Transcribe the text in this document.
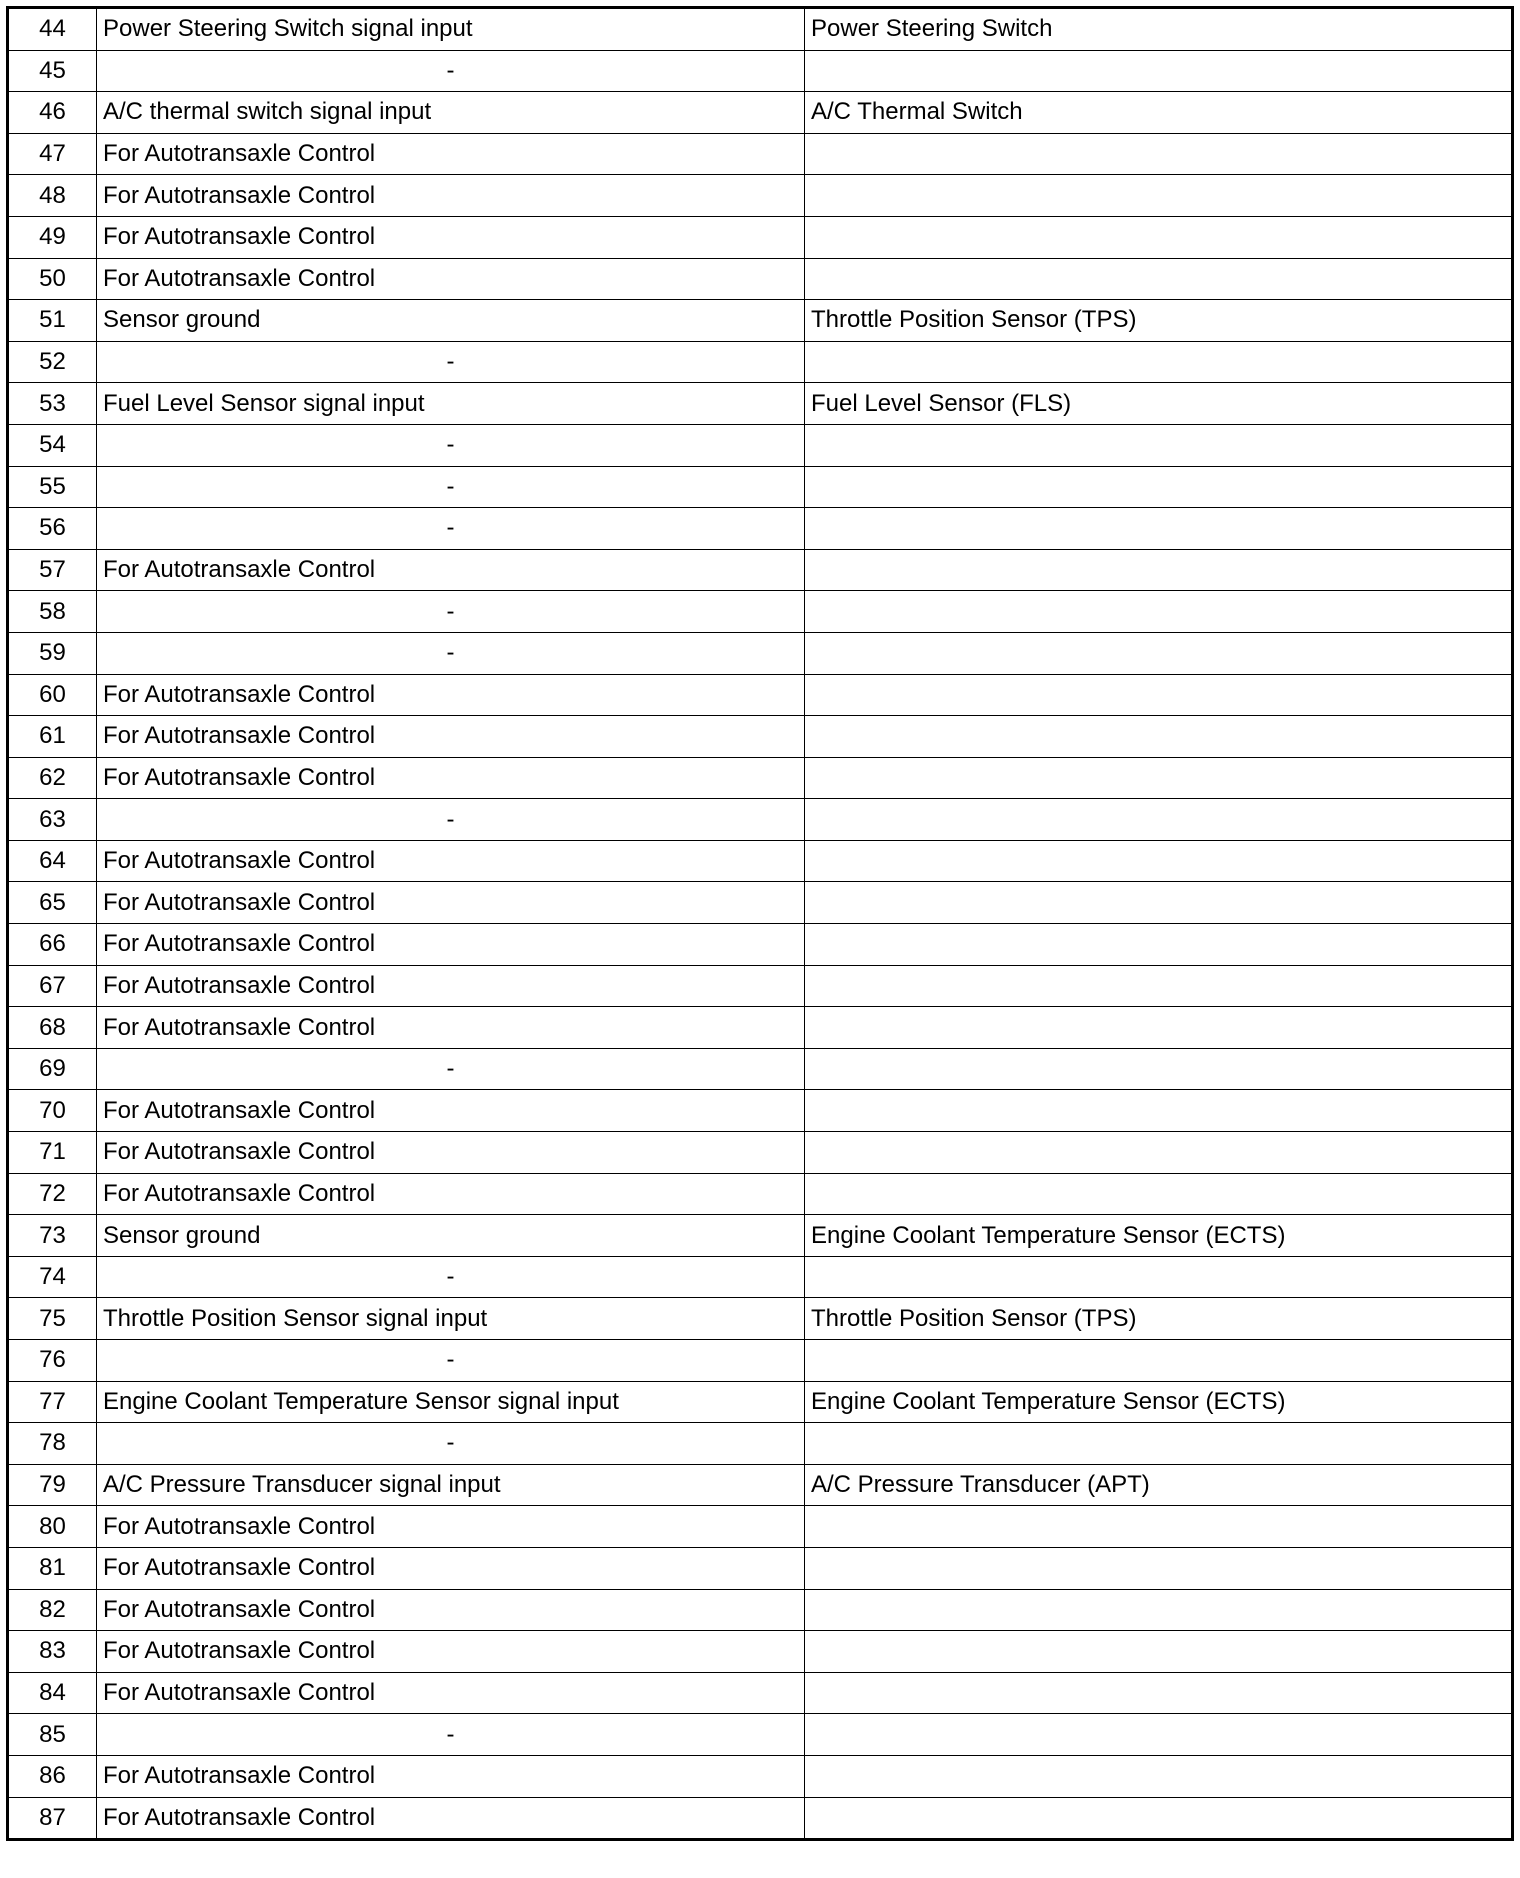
44	Power Steering Switch signal input	Power Steering Switch
45	-	
46	A/C thermal switch signal input	A/C Thermal Switch
47	For Autotransaxle Control	
48	For Autotransaxle Control	
49	For Autotransaxle Control	
50	For Autotransaxle Control	
51	Sensor ground	Throttle Position Sensor (TPS)
52	-	
53	Fuel Level Sensor signal input	Fuel Level Sensor (FLS)
54	-	
55	-	
56	-	
57	For Autotransaxle Control	
58	-	
59	-	
60	For Autotransaxle Control	
61	For Autotransaxle Control	
62	For Autotransaxle Control	
63	-	
64	For Autotransaxle Control	
65	For Autotransaxle Control	
66	For Autotransaxle Control	
67	For Autotransaxle Control	
68	For Autotransaxle Control	
69	-	
70	For Autotransaxle Control	
71	For Autotransaxle Control	
72	For Autotransaxle Control	
73	Sensor ground	Engine Coolant Temperature Sensor (ECTS)
74	-	
75	Throttle Position Sensor signal input	Throttle Position Sensor (TPS)
76	-	
77	Engine Coolant Temperature Sensor signal input	Engine Coolant Temperature Sensor (ECTS)
78	-	
79	A/C Pressure Transducer signal input	A/C Pressure Transducer (APT)
80	For Autotransaxle Control	
81	For Autotransaxle Control	
82	For Autotransaxle Control	
83	For Autotransaxle Control	
84	For Autotransaxle Control	
85	-	
86	For Autotransaxle Control	
87	For Autotransaxle Control	
